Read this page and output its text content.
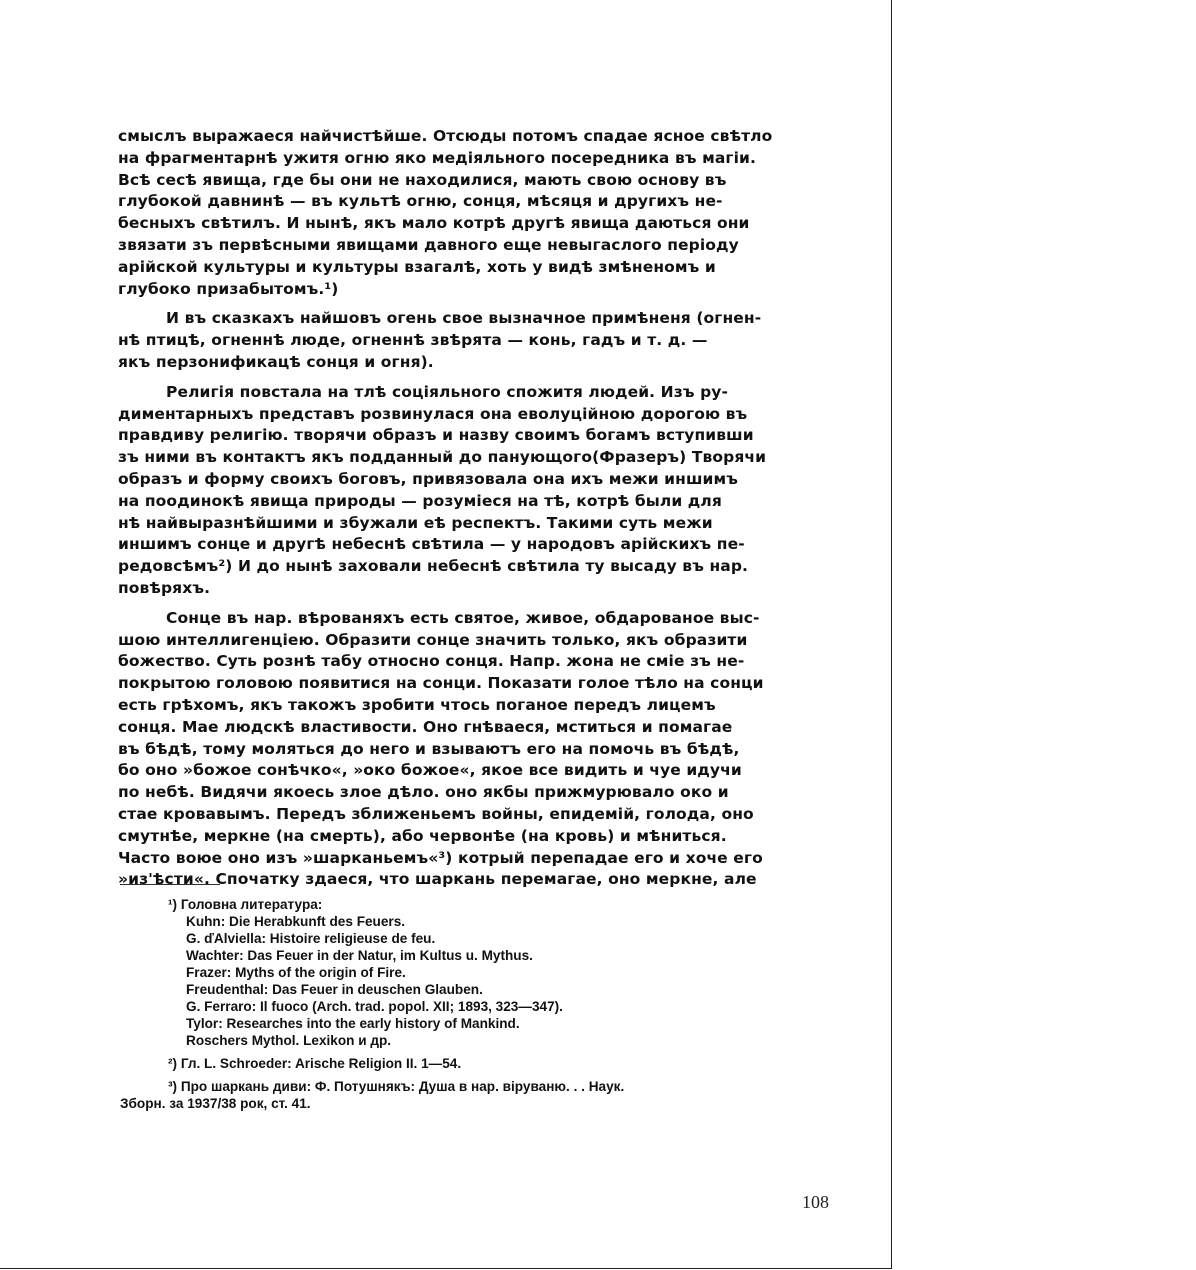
смыслъ выражаеся найчистѣйше. Отсюды потомъ спадае ясное свѣтло
на фрагментарнѣ ужитя огню яко медіяльного посередника въ магіи.
Всѣ сесѣ явища, где бы они не находилися, мають свою основу въ
глубокой давнинѣ — въ культѣ огню, сонця, мѣсяця и другихъ не-
бесныхъ свѣтилъ. И нынѣ, якъ мало котрѣ другѣ явища даються они
звязати зъ первѣсными явищами давного еще невыгаслого періоду
арійской культуры и культуры взагалѣ, хоть у видѣ змѣненомъ и
глубоко призабытомъ.¹)
И въ сказкахъ найшовъ огень свое вызначное примѣненя (огнен-
нѣ птицѣ, огненнѣ люде, огненнѣ звѣрята — конь, гадъ и т. д. —
якъ перзонификацѣ сонця и огня).
Религія повстала на тлѣ соціяльного спожитя людей. Изъ ру-
диментарныхъ представъ розвинулася она еволуційною дорогою въ
правдиву религію. творячи образъ и назву своимъ богамъ вступивши
зъ ними въ контактъ якъ подданный до панующого(Фразеръ) Творячи
образъ и форму своихъ боговъ, привязовала она ихъ межи иншимъ
на поодинокѣ явища природы — розуміеся на тѣ, котрѣ были для
нѣ найвыразнѣйшими и збужали еѣ респектъ. Такими суть межи
иншимъ сонце и другѣ небеснѣ свѣтила — у народовъ арійскихъ пе-
редовсѣмъ²) И до нынѣ заховали небеснѣ свѣтила ту высаду въ нар.
повѣряхъ.
Сонце въ нар. вѣрованяхъ есть святое, живое, обдарованое выс-
шою интеллигенціею. Образити сонце значить только, якъ образити
божество. Суть рознѣ табу относно сонця. Напр. жона не сміе зъ не-
покрытою головою появитися на сонци. Показати голое тѣло на сонци
есть грѣхомъ, якъ такожъ зробити чтось поганое передъ лицемъ
сонця. Мае людскѣ властивости. Оно гнѣваеся, мститься и помагае
въ бѣдѣ, тому моляться до него и взываютъ его на помочь въ бѣдѣ,
бо оно »божое сонѣчко«, »око божое«, якое все видить и чуе идучи
по небѣ. Видячи якоесь злое дѣло. оно якбы прижмурювало око и
стае кровавымъ. Передъ зближеньемъ войны, епидемій, голода, оно
смутнѣе, меркне (на смерть), або червонѣе (на кровь) и мѣниться.
Часто воюе оно изъ »шарканьемъ«³) котрый перепадае его и хоче его
»из'ѣсти«. Спочатку здаеся, что шаркань перемагае, оно меркне, але
¹) Головна литература:
Kuhn: Die Herabkunft des Feuers.
G. ďAlviella: Histoire religieuse de feu.
Wachter: Das Feuer in der Natur, im Kultus u. Mythus.
Frazer: Myths of the origin of Fire.
Freudenthal: Das Feuer in deuschen Glauben.
G. Ferraro: Il fuoco (Arch. trad. popol. XII; 1893, 323—347).
Tylor: Researches into the early history of Mankind.
Roschers Mythol. Lexikon и др.
²) Гл. L. Schroeder: Arische Religion II. 1—54.
³) Про шаркань диви: Ф. Потушнякъ: Душа в нар. віруваню. . . Наук.
Зборн. за 1937/38 рок, ст. 41.
108
